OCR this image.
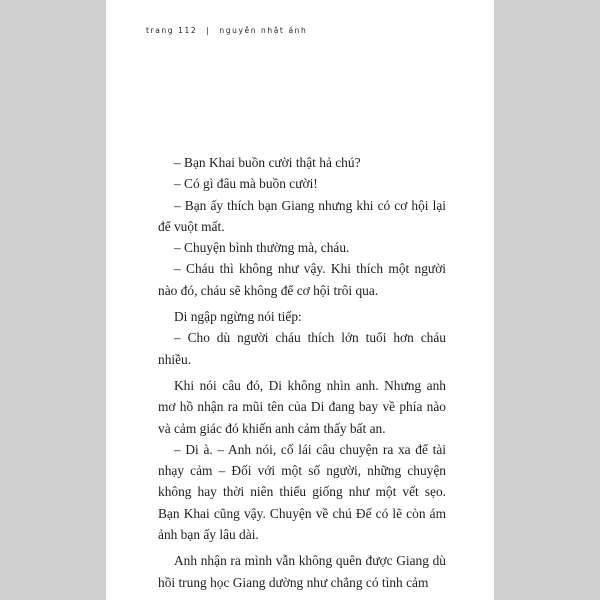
trang 112 | nguyễn nhật ánh

– Bạn Khai buồn cười thật hả chú?

– Có gì đâu mà buồn cười!

– Bạn ấy thích bạn Giang nhưng khi có cơ hội lại để vuột mất.

– Chuyện bình thường mà, cháu.

– Cháu thì không như vậy. Khi thích một người nào đó, cháu sẽ không để cơ hội trôi qua.

Di ngập ngừng nói tiếp:

– Cho dù người cháu thích lớn tuổi hơn cháu nhiều.

Khi nói câu đó, Di không nhìn anh. Nhưng anh mơ hồ nhận ra mũi tên của Di đang bay về phía nào và cảm giác đó khiến anh cảm thấy bất an.

– Di à. – Anh nói, cố lái câu chuyện ra xa để tài nhạy cảm – Đối với một số người, những chuyện không hay thời niên thiếu giống như một vết sẹo. Bạn Khai cũng vậy. Chuyện về chú Đế có lẽ còn ám ảnh bạn ấy lâu dài.

Anh nhận ra mình vẫn không quên được Giang dù hồi trung học Giang dường như chẳng có tình cảm
